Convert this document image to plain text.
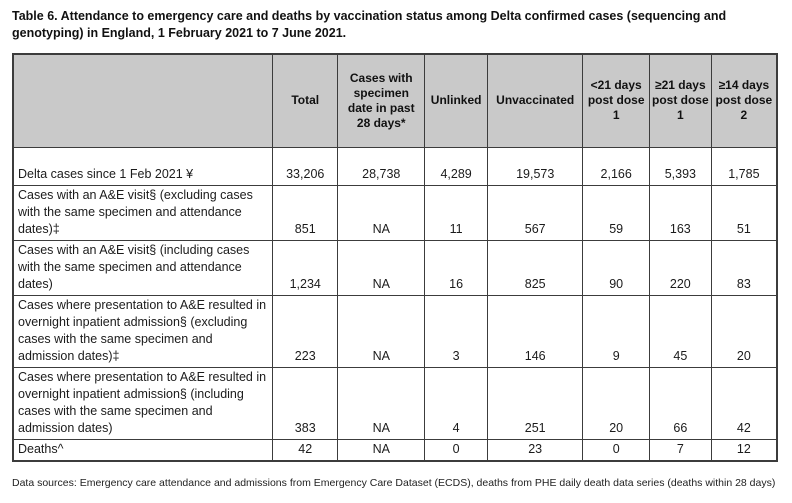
Table 6. Attendance to emergency care and deaths by vaccination status among Delta confirmed cases (sequencing and genotyping) in England, 1 February 2021 to 7 June 2021.
	Total	Cases with specimen date in past 28 days*	Unlinked	Unvaccinated	<21 days post dose 1	≥21 days post dose 1	≥14 days post dose 2
Delta cases since 1 Feb 2021 ¥	33,206	28,738	4,289	19,573	2,166	5,393	1,785
Cases with an A&E visit§ (excluding cases with the same specimen and attendance dates)‡	851	NA	11	567	59	163	51
Cases with an A&E visit§ (including cases with the same specimen and attendance dates)	1,234	NA	16	825	90	220	83
Cases where presentation to A&E resulted in overnight inpatient admission§ (excluding cases with the same specimen and admission dates)‡	223	NA	3	146	9	45	20
Cases where presentation to A&E resulted in overnight inpatient admission§ (including cases with the same specimen and admission dates)	383	NA	4	251	20	66	42
Deaths^	42	NA	0	23	0	7	12
Data sources: Emergency care attendance and admissions from Emergency Care Dataset (ECDS), deaths from PHE daily death data series (deaths within 28 days)
